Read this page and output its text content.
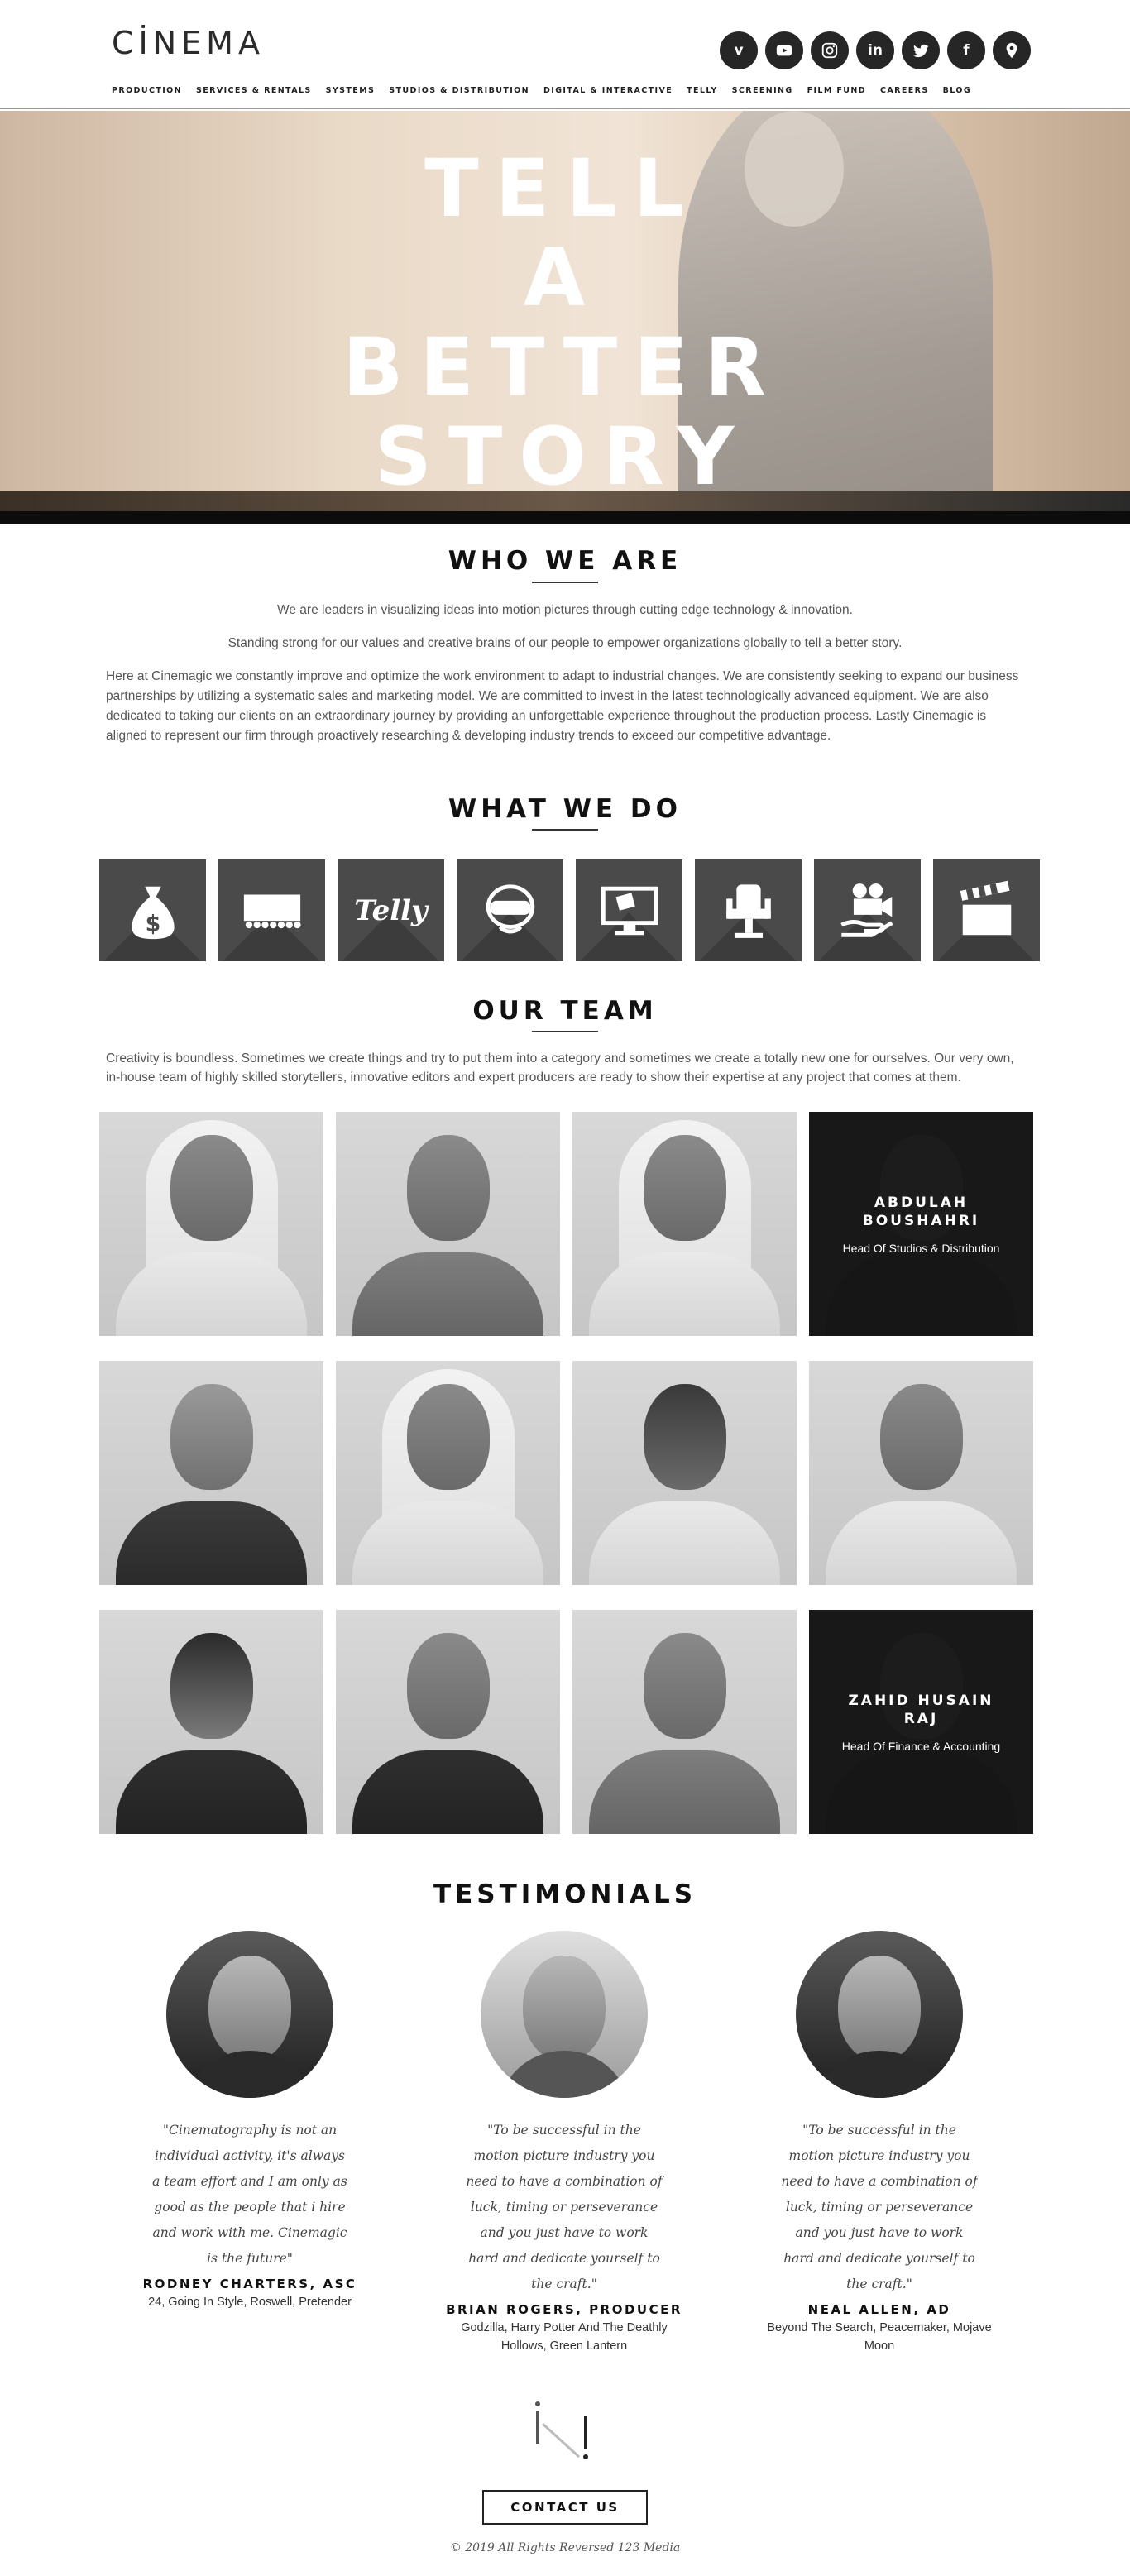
CİNEMA	v	in	f
PRODUCTION SERVICES & RENTALS SYSTEMS STUDIOS & DISTRIBUTION DIGITAL & INTERACTIVE TELLY SCREENING FILM FUND CAREERS BLOG
TELL
A
BETTER
STORY
WHO WE ARE
We are leaders in visualizing ideas into motion pictures through cutting edge technology & innovation.
Standing strong for our values and creative brains of our people to empower organizations globally to tell a better story.
Here at Cinemagic we constantly improve and optimize the work environment to adapt to industrial changes. We are consistently seeking to expand our business partnerships by utilizing a systematic sales and marketing model. We are committed to invest in the latest technologically advanced equipment. We are also dedicated to taking our clients on an extraordinary journey by providing an unforgettable experience throughout the production process. Lastly Cinemagic is aligned to represent our firm through proactively researching & developing industry trends to exceed our competitive advantage.
WHAT WE DO
$	Telly
OUR TEAM
Creativity is boundless. Sometimes we create things and try to put them into a category and sometimes we create a totally new one for ourselves. Our very own, in-house team of highly skilled storytellers, innovative editors and expert producers are ready to show their expertise at any project that comes at them.
ABDULAH BOUSHAHRI
Head Of Studios & Distribution
ZAHID HUSAIN RAJ
Head Of Finance & Accounting
TESTIMONIALS
"Cinematography is not an individual activity, it's always a team effort and I am only as good as the people that i hire and work with me. Cinemagic is the future"
RODNEY CHARTERS, ASC
24, Going In Style, Roswell, Pretender
"To be successful in the motion picture industry you need to have a combination of luck, timing or perseverance and you just have to work hard and dedicate yourself to the craft."
BRIAN ROGERS, PRODUCER
Godzilla, Harry Potter And The Deathly Hollows, Green Lantern
"To be successful in the motion picture industry you need to have a combination of luck, timing or perseverance and you just have to work hard and dedicate yourself to the craft."
NEAL ALLEN, AD
Beyond The Search, Peacemaker, Mojave Moon
CONTACT US
© 2019 All Rights Reversed 123 Media
